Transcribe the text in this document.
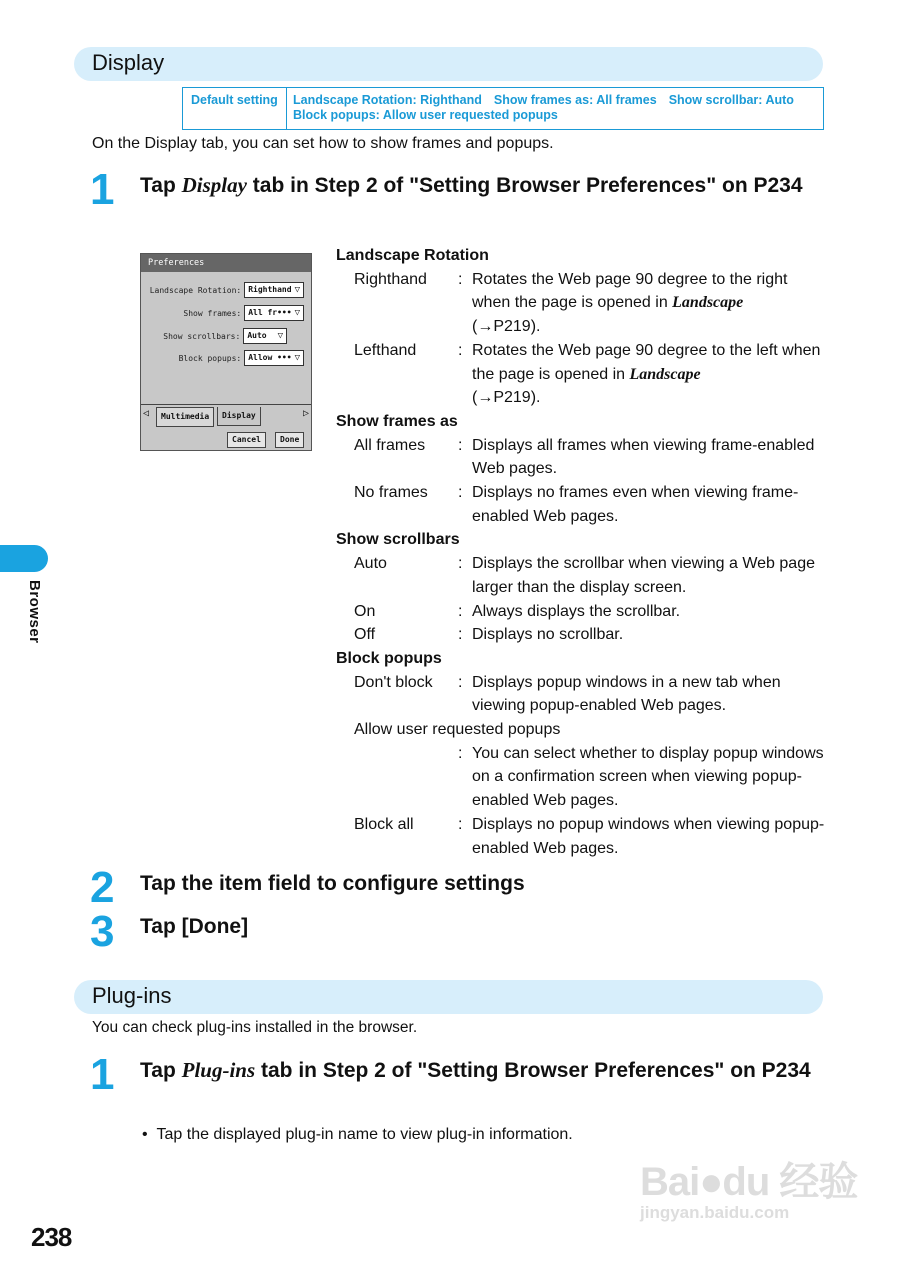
Display
Default setting	Landscape Rotation: Righthand Show frames as: All frames Show scrollbar: Auto
Block popups: Allow user requested popups
On the Display tab, you can set how to show frames and popups.
1 Tap Display tab in Step 2 of "Setting Browser Preferences" on P234
Preferences
Landscape Rotation: Righthand ▽
Show frames: All fr••• ▽
Show scrollbars: Auto ▽
Block popups: Allow ••• ▽
◁	Multimedia	Display	▷
Cancel	Done
Landscape Rotation
Righthand	: Rotates the Web page 90 degree to the right when the page is opened in Landscape
(→P219).
Lefthand	: Rotates the Web page 90 degree to the left when the page is opened in Landscape
(→P219).
Show frames as
All frames	: Displays all frames when viewing frame-enabled Web pages.
No frames	: Displays no frames even when viewing frame-enabled Web pages.
Show scrollbars
Auto	: Displays the scrollbar when viewing a Web page larger than the display screen.
On	: Always displays the scrollbar.
Off	: Displays no scrollbar.
Block popups
Don't block	: Displays popup windows in a new tab when viewing popup-enabled Web pages.
Allow user requested popups
: You can select whether to display popup windows on a confirmation screen when viewing popup-enabled Web pages.
Block all	: Displays no popup windows when viewing popup-enabled Web pages.
2 Tap the item field to configure settings
3 Tap [Done]
Plug-ins
You can check plug-ins installed in the browser.
1 Tap Plug-ins tab in Step 2 of "Setting Browser Preferences" on P234
•  Tap the displayed plug-in name to view plug-in information.
Browser
238
Bai●du 经验
jingyan.baidu.com
